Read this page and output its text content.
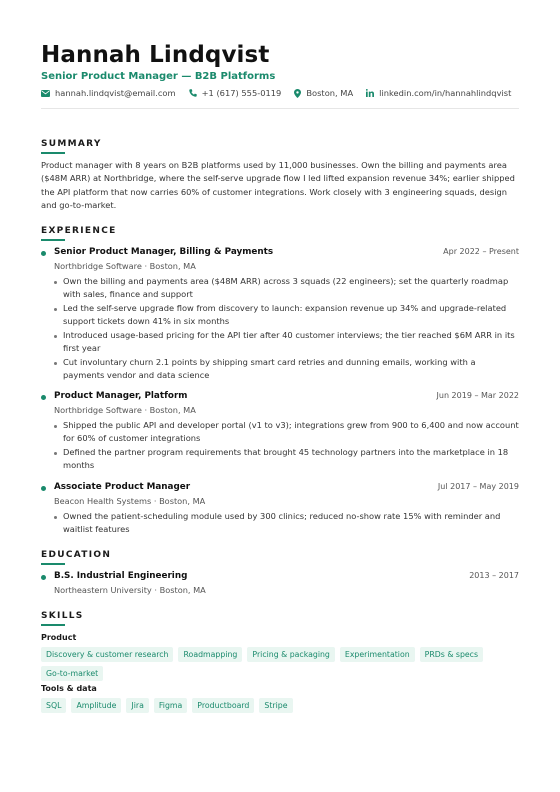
Hannah Lindqvist
Senior Product Manager — B2B Platforms
hannah.lindqvist@email.com	+1 (617) 555-0119	Boston, MA	linkedin.com/in/hannahlindqvist
SUMMARY
Product manager with 8 years on B2B platforms used by 11,000 businesses. Own the billing and payments area ($48M ARR) at Northbridge, where the self-serve upgrade flow I led lifted expansion revenue 34%; earlier shipped the API platform that now carries 60% of customer integrations. Work closely with 3 engineering squads, design and go-to-market.
EXPERIENCE
Senior Product Manager, Billing & Payments	Apr 2022 – Present
Northbridge Software · Boston, MA
Own the billing and payments area ($48M ARR) across 3 squads (22 engineers); set the quarterly roadmap with sales, finance and support
Led the self-serve upgrade flow from discovery to launch: expansion revenue up 34% and upgrade-related support tickets down 41% in six months
Introduced usage-based pricing for the API tier after 40 customer interviews; the tier reached $6M ARR in its first year
Cut involuntary churn 2.1 points by shipping smart card retries and dunning emails, working with a payments vendor and data science
Product Manager, Platform	Jun 2019 – Mar 2022
Northbridge Software · Boston, MA
Shipped the public API and developer portal (v1 to v3); integrations grew from 900 to 6,400 and now account for 60% of customer integrations
Defined the partner program requirements that brought 45 technology partners into the marketplace in 18 months
Associate Product Manager	Jul 2017 – May 2019
Beacon Health Systems · Boston, MA
Owned the patient-scheduling module used by 300 clinics; reduced no-show rate 15% with reminder and waitlist features
EDUCATION
B.S. Industrial Engineering	2013 – 2017
Northeastern University · Boston, MA
SKILLS
Product
Discovery & customer research	Roadmapping	Pricing & packaging	Experimentation	PRDs & specs
Go-to-market
Tools & data
SQL	Amplitude	Jira	Figma	Productboard	Stripe
